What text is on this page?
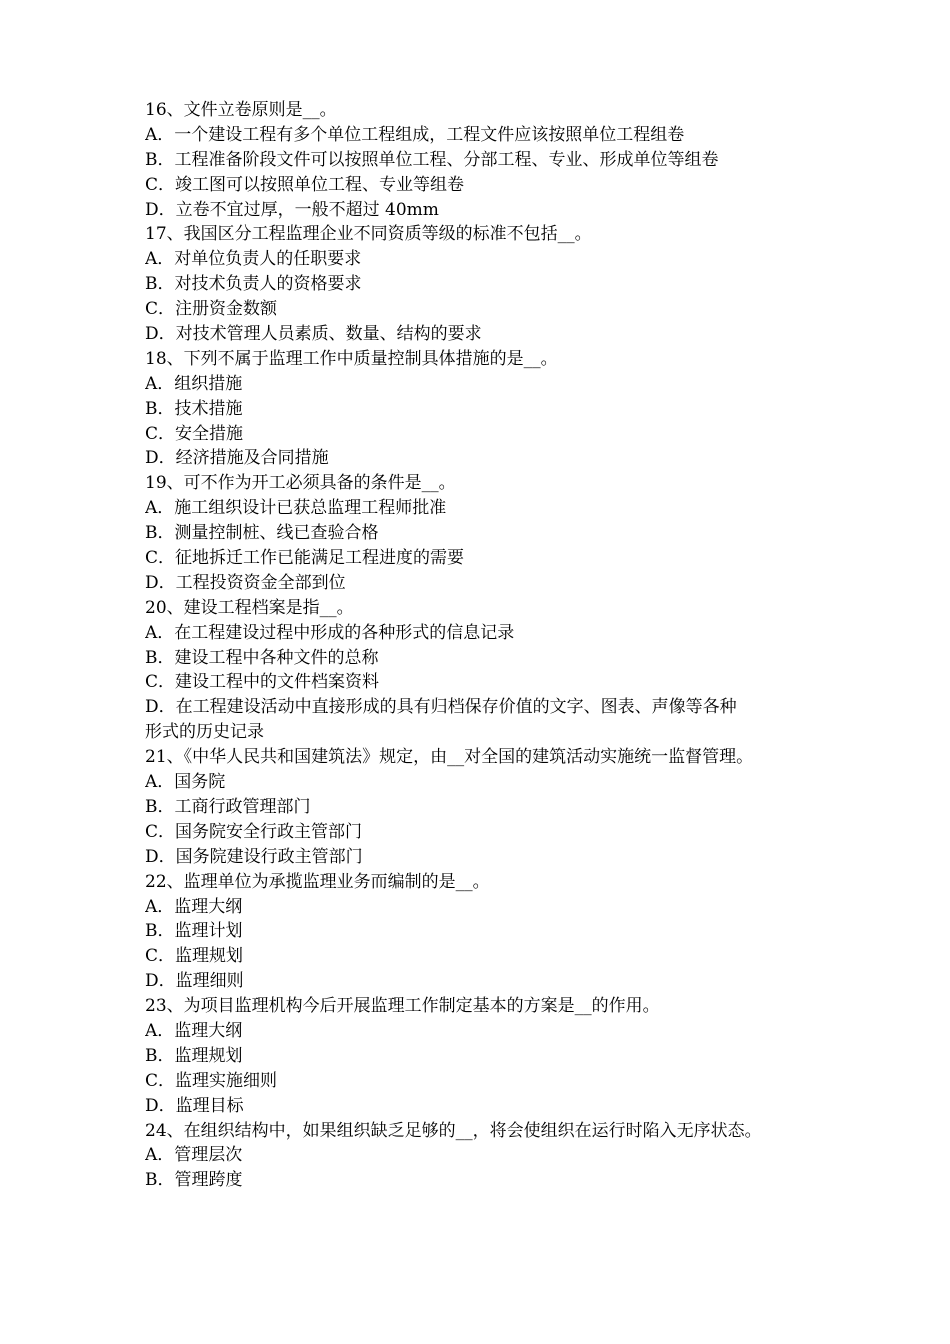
16、文件立卷原则是__。
A．一个建设工程有多个单位工程组成，工程文件应该按照单位工程组卷
B．工程准备阶段文件可以按照单位工程、分部工程、专业、形成单位等组卷
C．竣工图可以按照单位工程、专业等组卷
D．立卷不宜过厚，一般不超过 40mm
17、我国区分工程监理企业不同资质等级的标准不包括__。
A．对单位负责人的任职要求
B．对技术负责人的资格要求
C．注册资金数额
D．对技术管理人员素质、数量、结构的要求
18、下列不属于监理工作中质量控制具体措施的是__。
A．组织措施
B．技术措施
C．安全措施
D．经济措施及合同措施
19、可不作为开工必须具备的条件是__。
A．施工组织设计已获总监理工程师批准
B．测量控制桩、线已查验合格
C．征地拆迁工作已能满足工程进度的需要
D．工程投资资金全部到位
20、建设工程档案是指__。
A．在工程建设过程中形成的各种形式的信息记录
B．建设工程中各种文件的总称
C．建设工程中的文件档案资料
D．在工程建设活动中直接形成的具有归档保存价值的文字、图表、声像等各种
形式的历史记录
21、《中华人民共和国建筑法》规定，由__对全国的建筑活动实施统一监督管理。
A．国务院
B．工商行政管理部门
C．国务院安全行政主管部门
D．国务院建设行政主管部门
22、监理单位为承揽监理业务而编制的是__。
A．监理大纲
B．监理计划
C．监理规划
D．监理细则
23、为项目监理机构今后开展监理工作制定基本的方案是__的作用。
A．监理大纲
B．监理规划
C．监理实施细则
D．监理目标
24、在组织结构中，如果组织缺乏足够的__，将会使组织在运行时陷入无序状态。
A．管理层次
B．管理跨度
